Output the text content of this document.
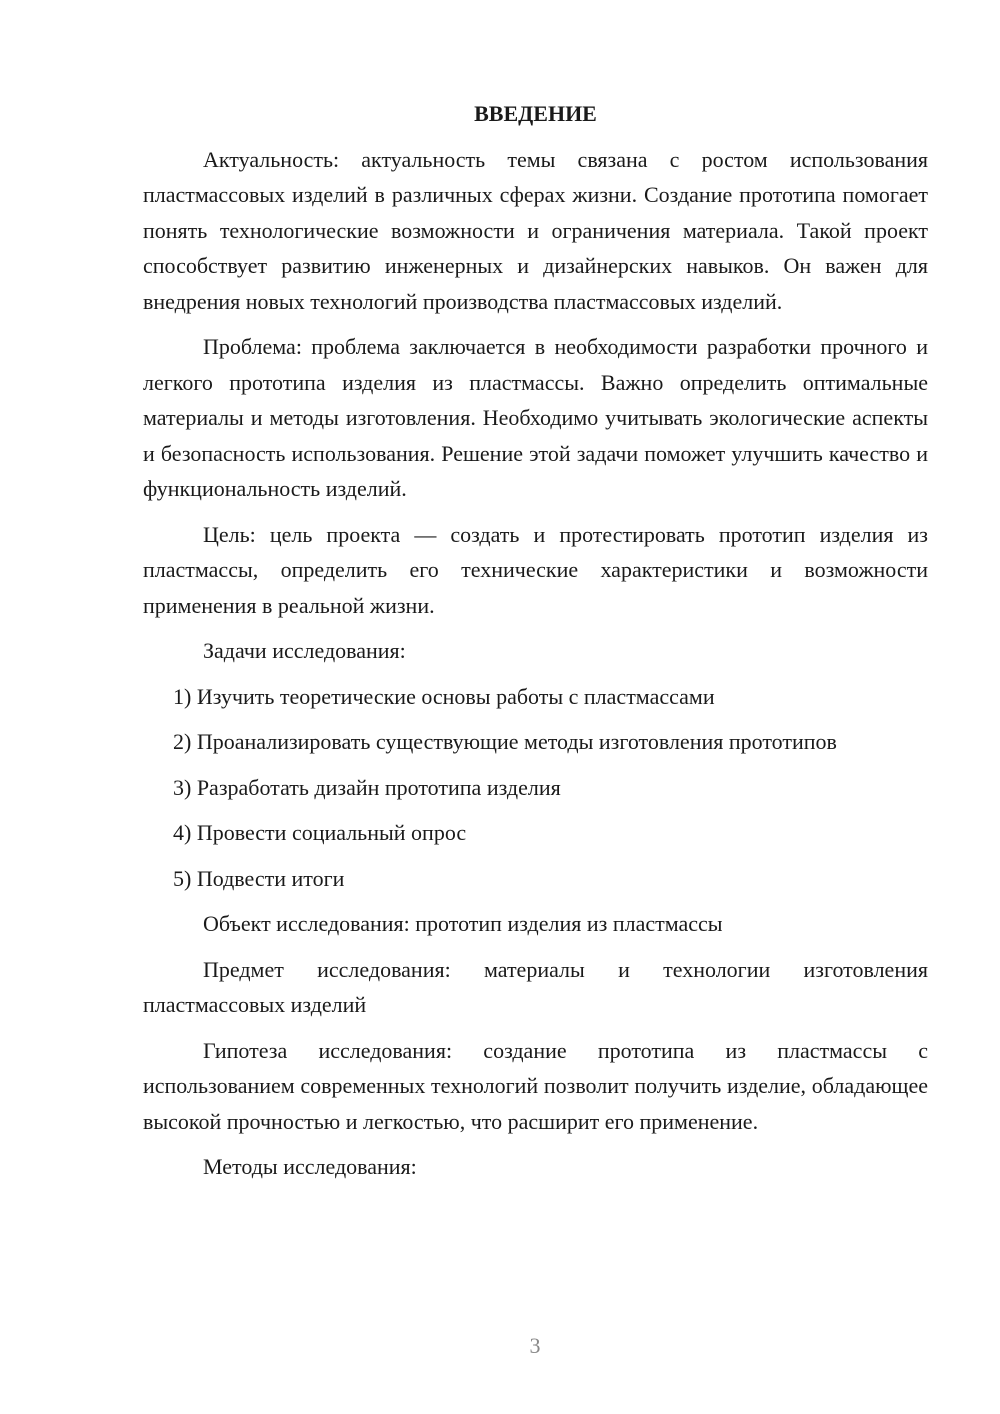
ВВЕДЕНИЕ

Актуальность: актуальность темы связана с ростом использования пластмассовых изделий в различных сферах жизни. Создание прототипа помогает понять технологические возможности и ограничения материала. Такой проект способствует развитию инженерных и дизайнерских навыков. Он важен для внедрения новых технологий производства пластмассовых изделий.

Проблема: проблема заключается в необходимости разработки прочного и легкого прототипа изделия из пластмассы. Важно определить оптимальные материалы и методы изготовления. Необходимо учитывать экологические аспекты и безопасность использования. Решение этой задачи поможет улучшить качество и функциональность изделий.

Цель: цель проекта — создать и протестировать прототип изделия из пластмассы, определить его технические характеристики и возможности применения в реальной жизни.

Задачи исследования:

1) Изучить теоретические основы работы с пластмассами

2) Проанализировать существующие методы изготовления прототипов

3) Разработать дизайн прототипа изделия

4) Провести социальный опрос

5) Подвести итоги

Объект исследования: прототип изделия из пластмассы

Предмет исследования: материалы и технологии изготовления пластмассовых изделий

Гипотеза исследования: создание прототипа из пластмассы с использованием современных технологий позволит получить изделие, обладающее высокой прочностью и легкостью, что расширит его применение.

Методы исследования:

3
